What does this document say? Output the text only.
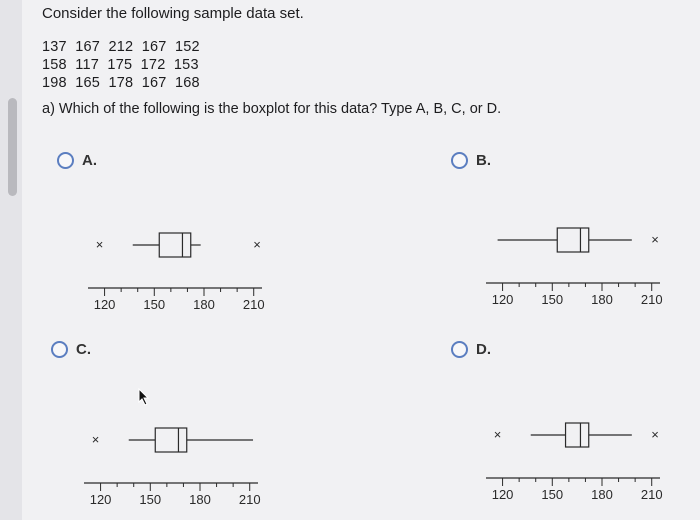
Consider the following sample data set.
137  167  212  167  152
158  117  175  172  153
198  165  178  167  168
a) Which of the following is the boxplot for this data? Type A, B, C, or D.
A.	B.
C.	D.
×	×
120 150 180 210
×
120 150 180 210
×
120 150 180 210
×	×
120 150 180 210
